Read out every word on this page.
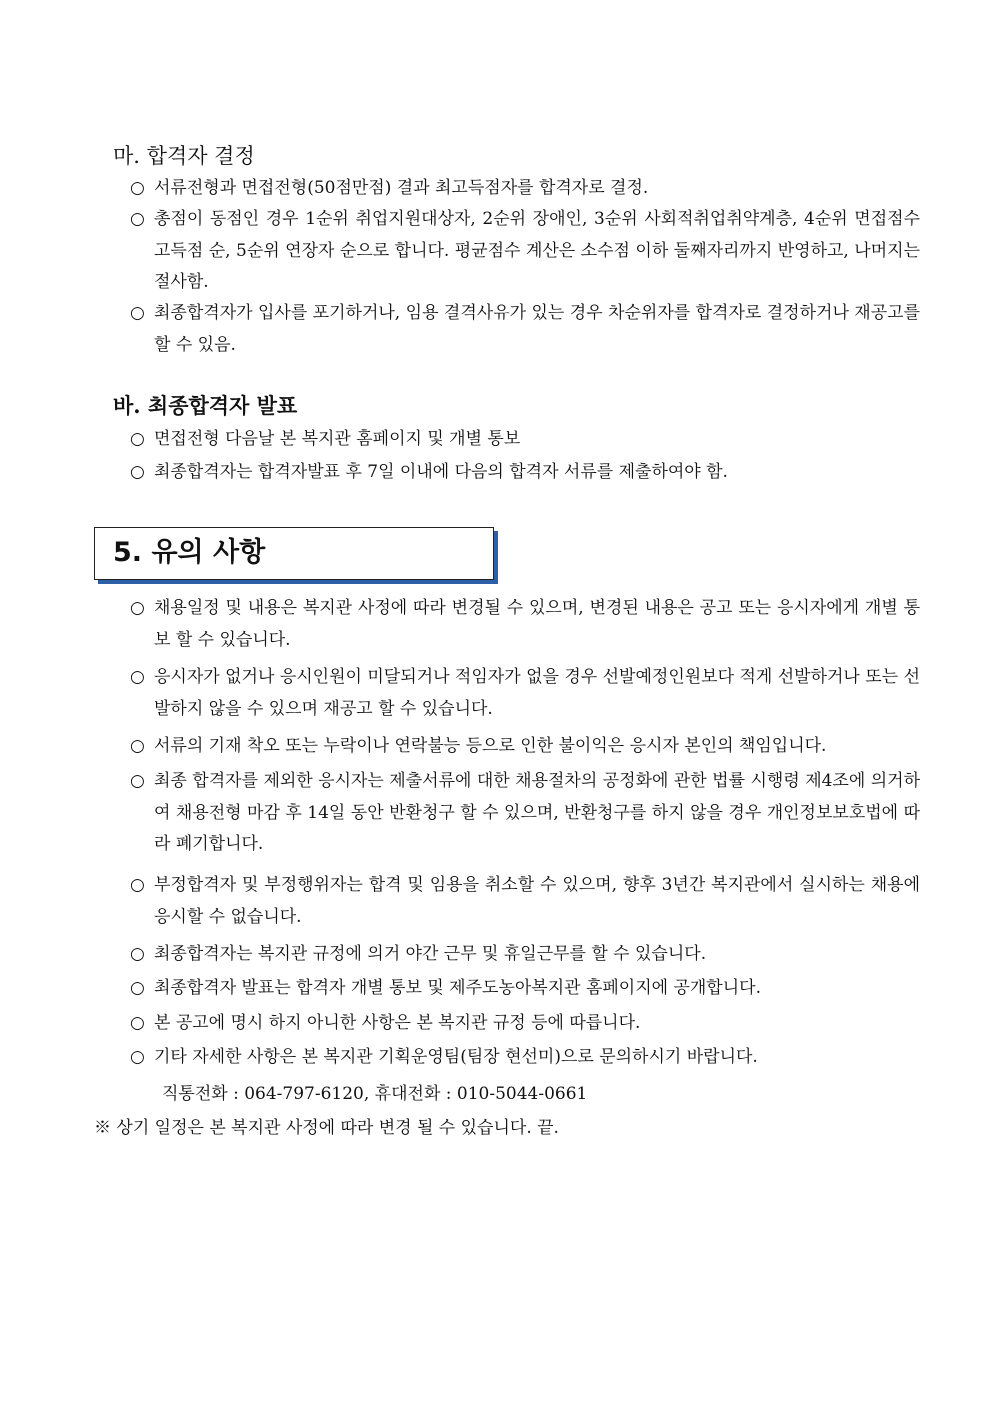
마. 합격자 결정
○ 서류전형과 면접전형(50점만점) 결과 최고득점자를 합격자로 결정.
○ 총점이 동점인 경우 1순위 취업지원대상자, 2순위 장애인, 3순위 사회적취업취약계층, 4순위 면접점수 고득점 순, 5순위 연장자 순으로 합니다. 평균점수 계산은 소수점 이하 둘째자리까지 반영하고, 나머지는 절사함.
○ 최종합격자가 입사를 포기하거나, 임용 결격사유가 있는 경우 차순위자를 합격자로 결정하거나 재공고를 할 수 있음.
바. 최종합격자 발표
○ 면접전형 다음날 본 복지관 홈페이지 및 개별 통보
○ 최종합격자는 합격자발표 후 7일 이내에 다음의 합격자 서류를 제출하여야 함.
5. 유의 사항
○ 채용일정 및 내용은 복지관 사정에 따라 변경될 수 있으며, 변경된 내용은 공고 또는 응시자에게 개별 통보 할 수 있습니다.
○ 응시자가 없거나 응시인원이 미달되거나 적임자가 없을 경우 선발예정인원보다 적게 선발하거나 또는 선발하지 않을 수 있으며 재공고 할 수 있습니다.
○ 서류의 기재 착오 또는 누락이나 연락불능 등으로 인한 불이익은 응시자 본인의 책임입니다.
○ 최종 합격자를 제외한 응시자는 제출서류에 대한 채용절차의 공정화에 관한 법률 시행령 제4조에 의거하여 채용전형 마감 후 14일 동안 반환청구 할 수 있으며, 반환청구를 하지 않을 경우 개인정보보호법에 따라 폐기합니다.
○ 부정합격자 및 부정행위자는 합격 및 임용을 취소할 수 있으며, 향후 3년간 복지관에서 실시하는 채용에 응시할 수 없습니다.
○ 최종합격자는 복지관 규정에 의거 야간 근무 및 휴일근무를 할 수 있습니다.
○ 최종합격자 발표는 합격자 개별 통보 및 제주도농아복지관 홈페이지에 공개합니다.
○ 본 공고에 명시 하지 아니한 사항은 본 복지관 규정 등에 따릅니다.
○ 기타 자세한 사항은 본 복지관 기획운영팀(팀장 현선미)으로 문의하시기 바랍니다.
직통전화 : 064-797-6120, 휴대전화 : 010-5044-0661
※ 상기 일정은 본 복지관 사정에 따라 변경 될 수 있습니다. 끝.
